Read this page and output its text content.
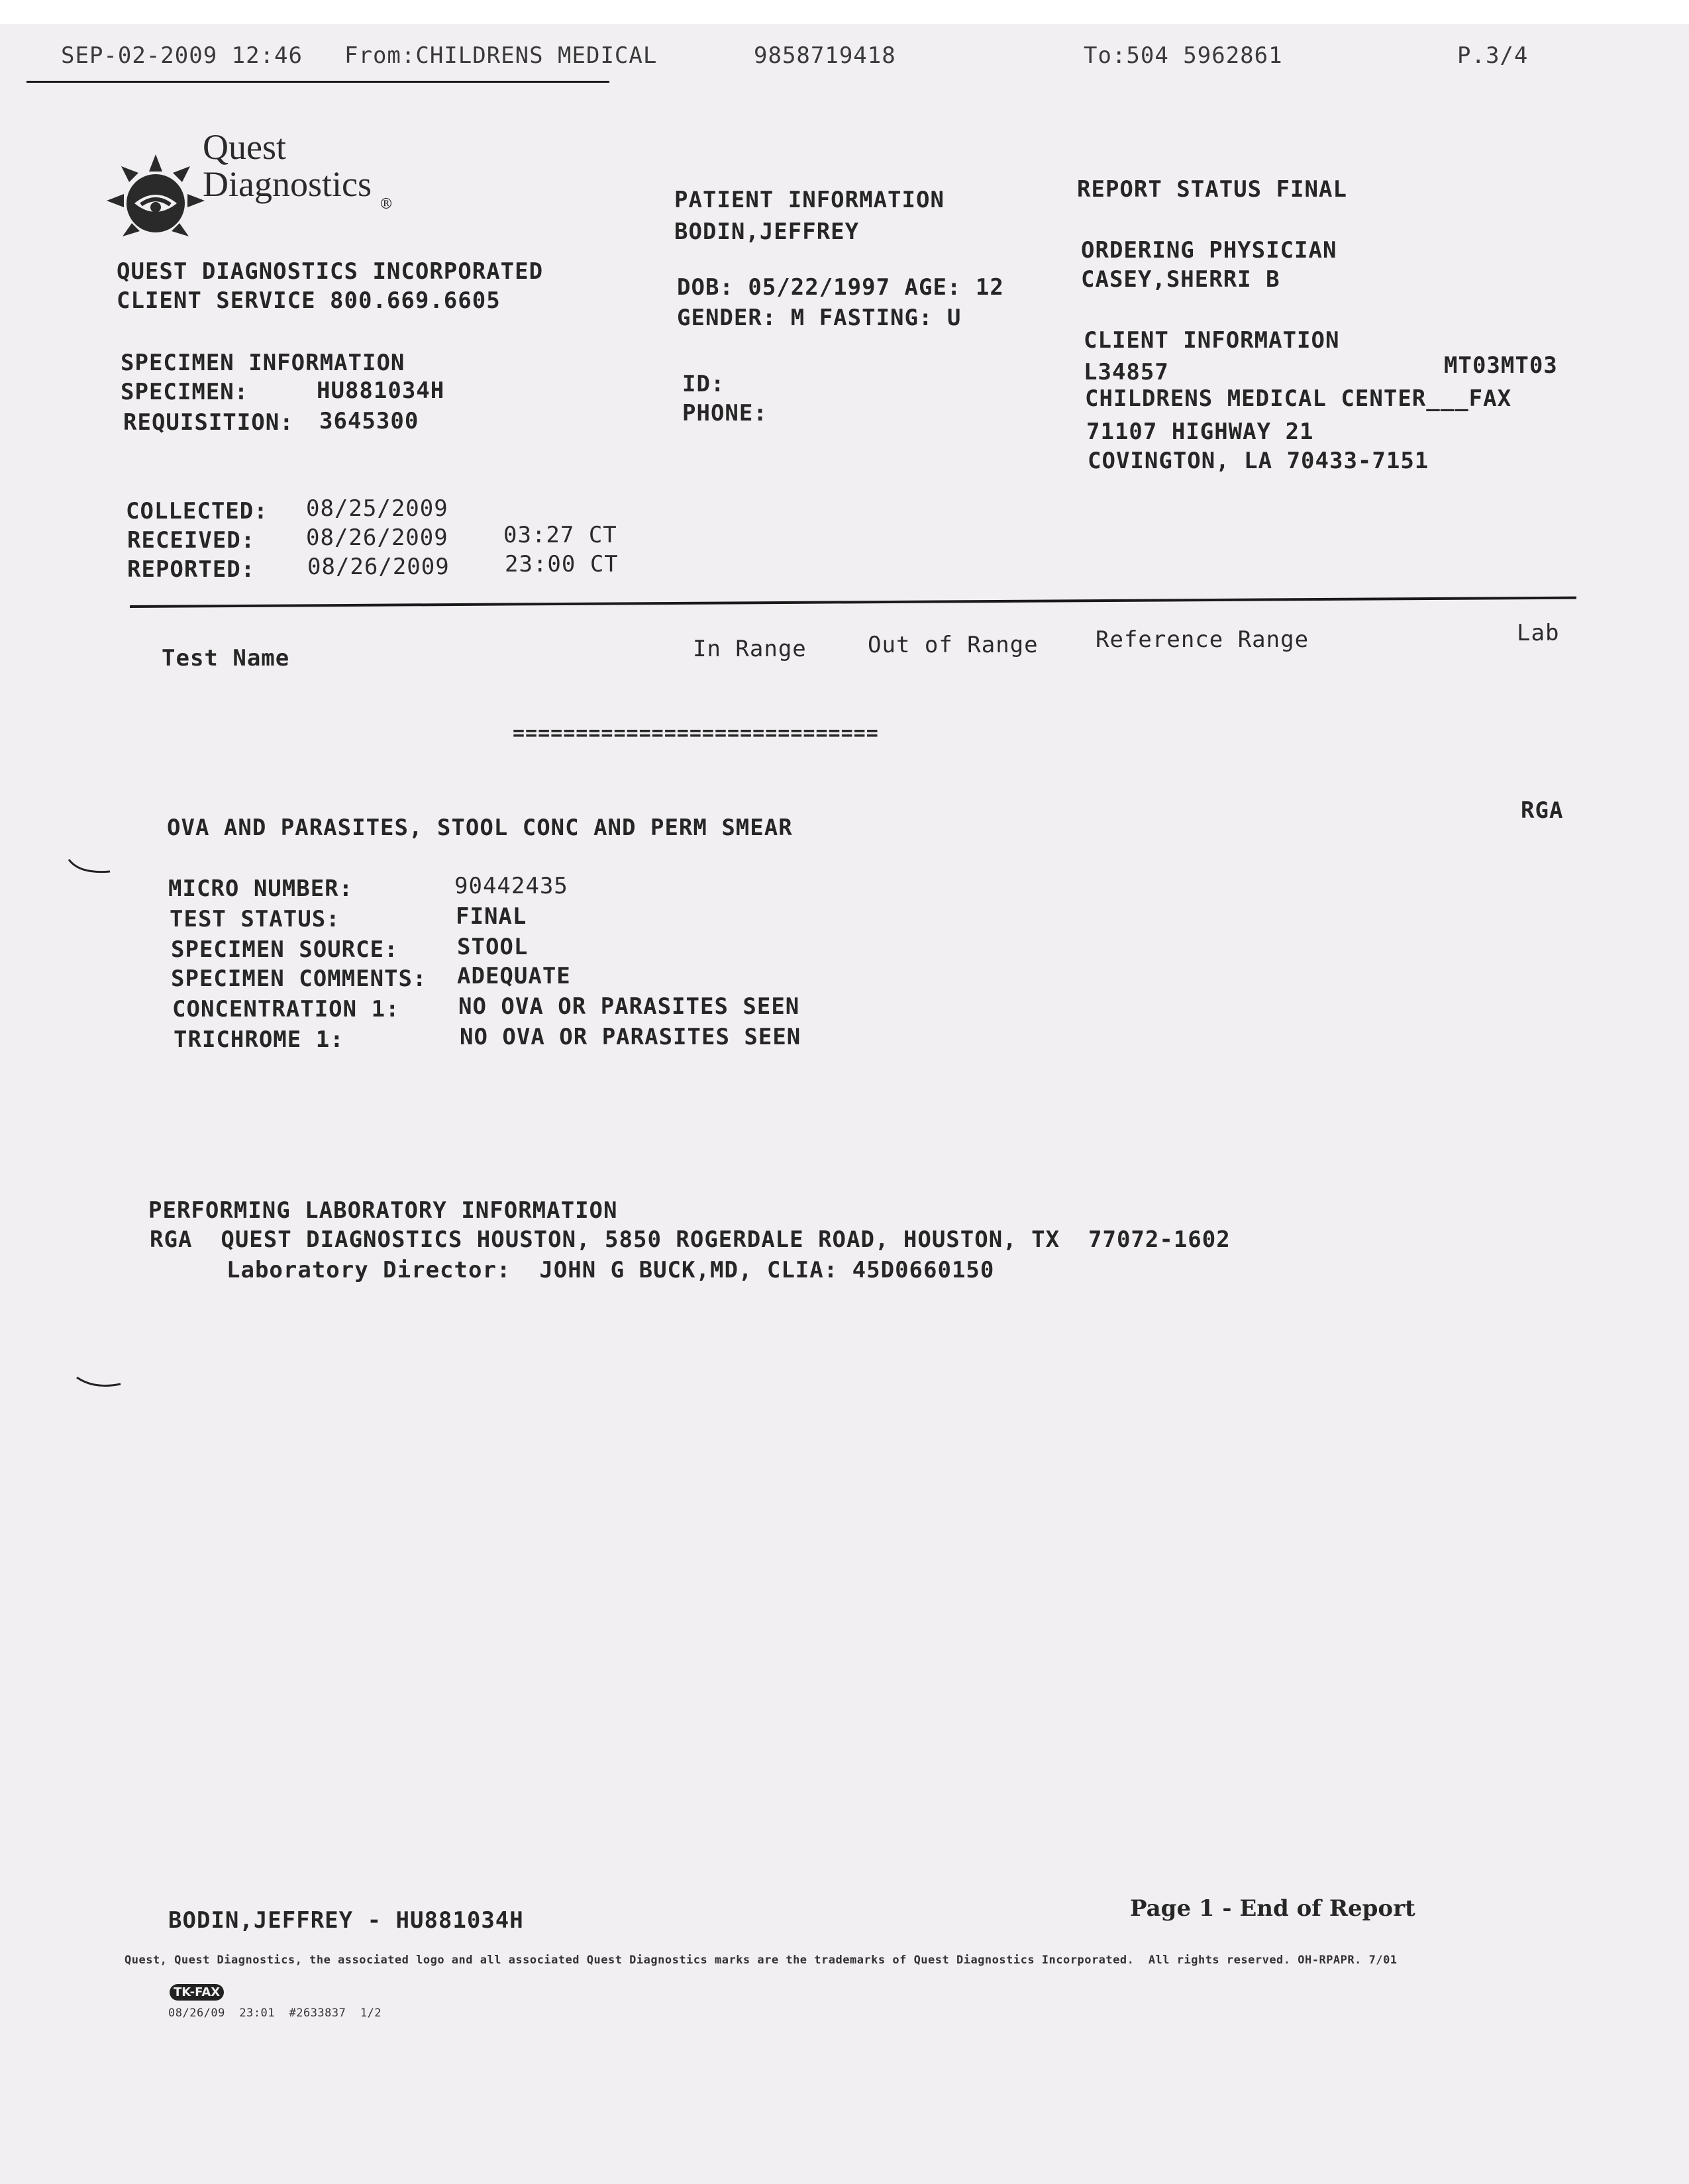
SEP-02-2009 12:46 From:CHILDRENS MEDICAL	9858719418	To:504 5962861	P.3/4

Quest
Diagnostics
®
QUEST DIAGNOSTICS INCORPORATED
CLIENT SERVICE 800.669.6605
SPECIMEN INFORMATION
SPECIMEN:	HU881034H
REQUISITION: 3645300
COLLECTED: 08/25/2009
RECEIVED: 08/26/2009 03:27 CT
REPORTED: 08/26/2009 23:00 CT
PATIENT INFORMATION
BODIN,JEFFREY
DOB: 05/22/1997 AGE: 12
GENDER: M FASTING: U
ID:
PHONE:
REPORT STATUS FINAL
ORDERING PHYSICIAN
CASEY,SHERRI B
CLIENT INFORMATION
L34857	MT03MT03
CHILDRENS MEDICAL CENTER___FAX
71107 HIGHWAY 21
COVINGTON, LA 70433-7151
Test Name	In Range	Out of Range	Reference Range	Lab
=============================
OVA AND PARASITES, STOOL CONC AND PERM SMEAR
RGA
MICRO NUMBER:	90442435
TEST STATUS:	FINAL
SPECIMEN SOURCE:	STOOL
SPECIMEN COMMENTS: ADEQUATE
CONCENTRATION 1:	NO OVA OR PARASITES SEEN
TRICHROME 1:	NO OVA OR PARASITES SEEN
PERFORMING LABORATORY INFORMATION
RGA  QUEST DIAGNOSTICS HOUSTON, 5850 ROGERDALE ROAD, HOUSTON, TX  77072-1602
Laboratory Director:  JOHN G BUCK,MD, CLIA: 45D0660150
BODIN,JEFFREY - HU881034H	Page 1 - End of Report
Quest, Quest Diagnostics, the associated logo and all associated Quest Diagnostics marks are the trademarks of Quest Diagnostics Incorporated.  All rights reserved. OH-RPAPR. 7/01
TK-FAX
08/26/09  23:01  #2633837  1/2
